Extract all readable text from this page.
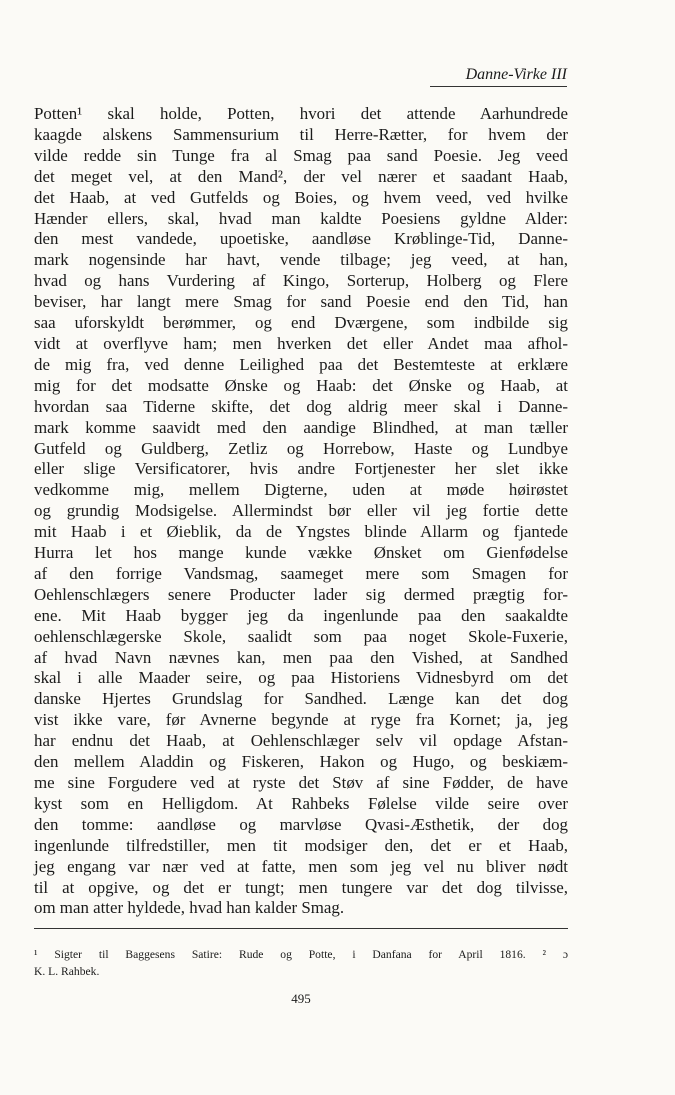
Danne-Virke III
Potten¹ skal holde, Potten, hvori det attende Aarhundrede
kaagde alskens Sammensurium til Herre-Rætter, for hvem der
vilde redde sin Tunge fra al Smag paa sand Poesie. Jeg veed
det meget vel, at den Mand², der vel nærer et saadant Haab,
det Haab, at ved Gutfelds og Boies, og hvem veed, ved hvilke
Hænder ellers, skal, hvad man kaldte Poesiens gyldne Alder:
den mest vandede, upoetiske, aandløse Krøblinge-Tid, Danne-
mark nogensinde har havt, vende tilbage; jeg veed, at han,
hvad og hans Vurdering af Kingo, Sorterup, Holberg og Flere
beviser, har langt mere Smag for sand Poesie end den Tid, han
saa uforskyldt berømmer, og end Dværgene, som indbilde sig
vidt at overflyve ham; men hverken det eller Andet maa afhol-
de mig fra, ved denne Leilighed paa det Bestemteste at erklære
mig for det modsatte Ønske og Haab: det Ønske og Haab, at
hvordan saa Tiderne skifte, det dog aldrig meer skal i Danne-
mark komme saavidt med den aandige Blindhed, at man tæller
Gutfeld og Guldberg, Zetliz og Horrebow, Haste og Lundbye
eller slige Versificatorer, hvis andre Fortjenester her slet ikke
vedkomme mig, mellem Digterne, uden at møde høirøstet
og grundig Modsigelse. Allermindst bør eller vil jeg fortie dette
mit Haab i et Øieblik, da de Yngstes blinde Allarm og fjantede
Hurra let hos mange kunde vække Ønsket om Gienfødelse
af den forrige Vandsmag, saameget mere som Smagen for
Oehlenschlægers senere Producter lader sig dermed prægtig for-
ene. Mit Haab bygger jeg da ingenlunde paa den saakaldte
oehlenschlægerske Skole, saalidt som paa noget Skole-Fuxerie,
af hvad Navn nævnes kan, men paa den Vished, at Sandhed
skal i alle Maader seire, og paa Historiens Vidnesbyrd om det
danske Hjertes Grundslag for Sandhed. Længe kan det dog
vist ikke vare, før Avnerne begynde at ryge fra Kornet; ja, jeg
har endnu det Haab, at Oehlenschlæger selv vil opdage Afstan-
den mellem Aladdin og Fiskeren, Hakon og Hugo, og beskiæm-
me sine Forgudere ved at ryste det Støv af sine Fødder, de have
kyst som en Helligdom. At Rahbeks Følelse vilde seire over
den tomme: aandløse og marvløse Qvasi-Æsthetik, der dog
ingenlunde tilfredstiller, men tit modsiger den, det er et Haab,
jeg engang var nær ved at fatte, men som jeg vel nu bliver nødt
til at opgive, og det er tungt; men tungere var det dog tilvisse,
om man atter hyldede, hvad han kalder Smag.
¹ Sigter til Baggesens Satire: Rude og Potte, i Danfana for April 1816. ² ɔ
K. L. Rahbek.
495
